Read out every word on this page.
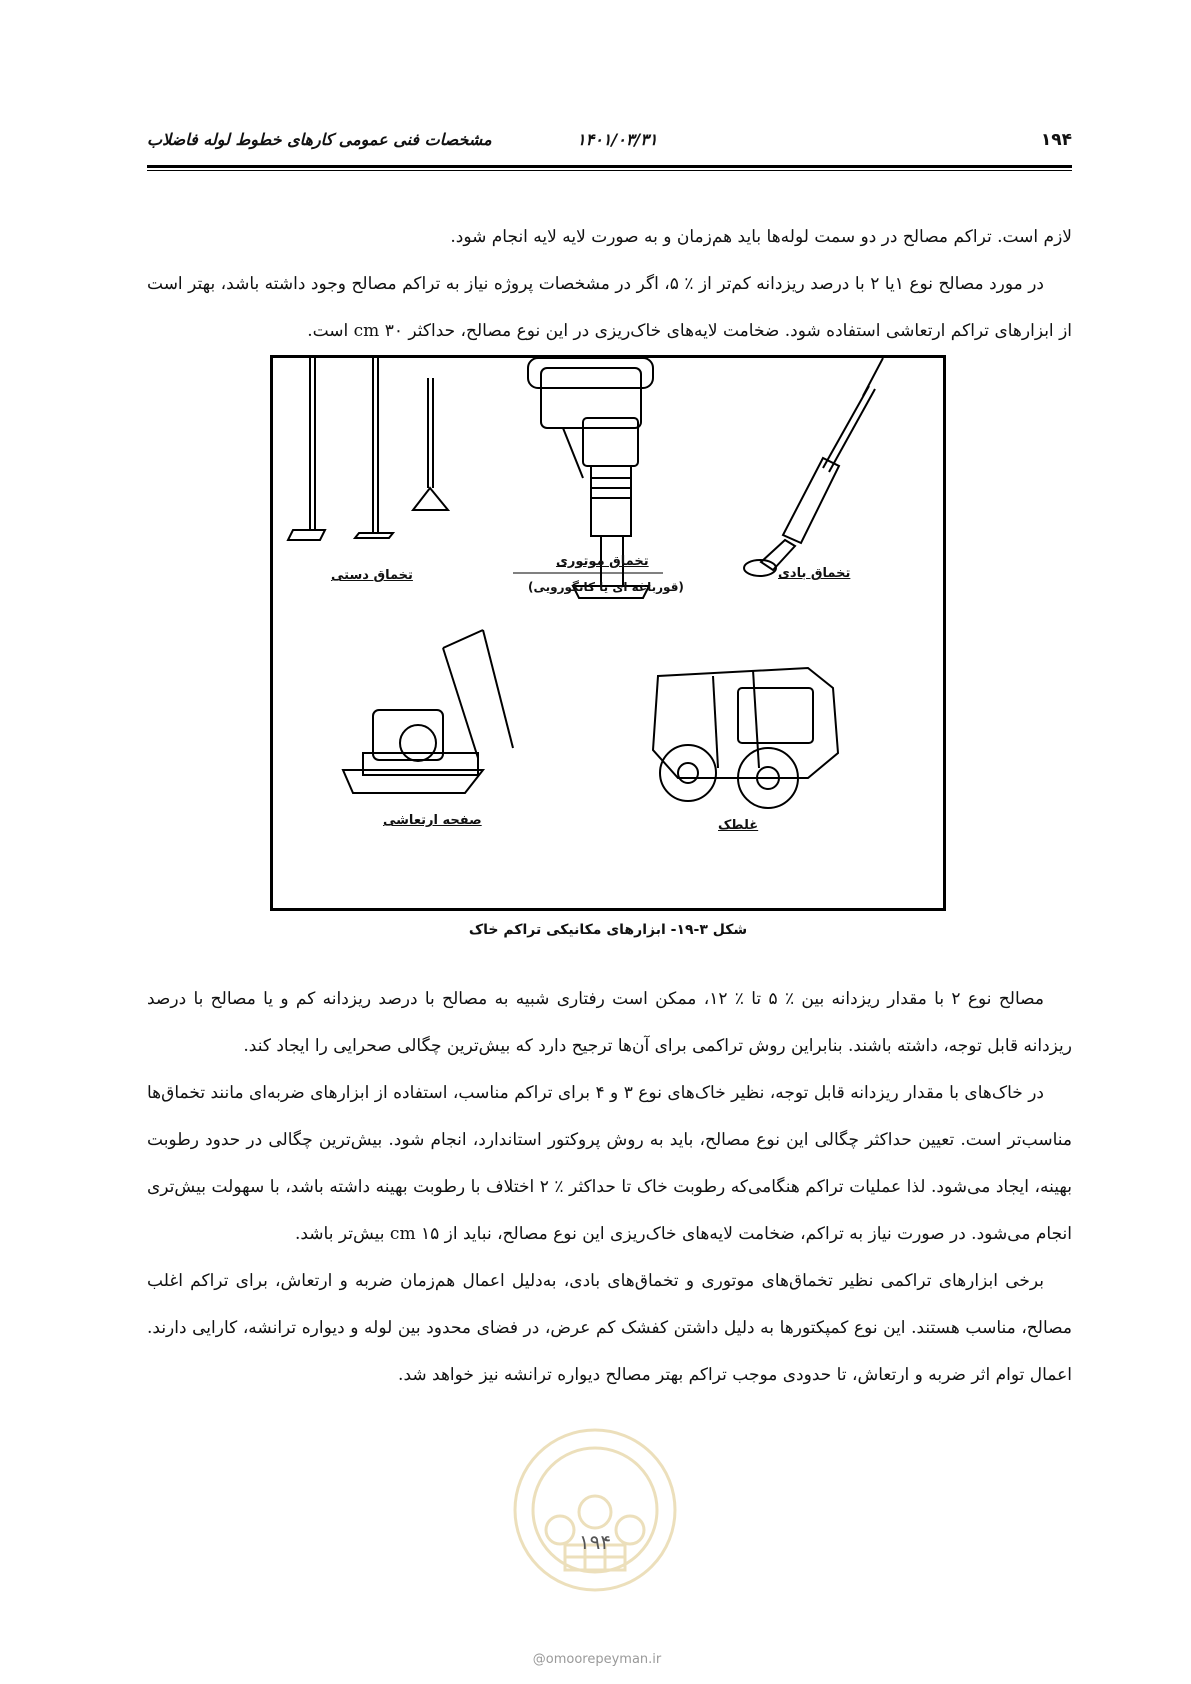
۱۹۴
۱۴۰۱/۰۳/۳۱
مشخصات فنی عمومی کارهای خطوط لوله فاضلاب

لازم است. تراکم مصالح در دو سمت لوله‌ها باید هم‌زمان و به صورت لایه لایه انجام شود.

در مورد مصالح نوع ۱یا ۲ با درصد ریزدانه کم‌تر از ٪ ۵، اگر در مشخصات پروژه نیاز به تراکم مصالح وجود داشته باشد، بهتر است از ابزارهای تراکم ارتعاشی استفاده شود. ضخامت لایه‌های خاک‌ریزی در این نوع مصالح، حداکثر cm ۳۰ است.

تخماق دستی
تخماق موتوری
(قورباغه ای یا کانگورویی)
تخماق بادی
صفحه ارتعاشی	غلطک
شکل ۳-۱۹- ابزارهای مکانیکی تراکم خاک

مصالح نوع ۲ با مقدار ریزدانه بین ٪ ۵ تا ٪ ۱۲، ممکن است رفتاری شبیه به مصالح با درصد ریزدانه کم و یا مصالح با درصد ریزدانه قابل توجه، داشته باشند. بنابراین روش تراکمی برای آن‌ها ترجیح دارد که بیش‌ترین چگالی صحرایی را ایجاد کند.

در خاک‌های با مقدار ریزدانه قابل توجه، نظیر خاک‌های نوع ۳ و ۴ برای تراکم مناسب، استفاده از ابزارهای ضربه‌ای مانند تخماق‌ها مناسب‌تر است. تعیین حداکثر چگالی این نوع مصالح، باید به روش پروکتور استاندارد، انجام شود. بیش‌ترین چگالی در حدود رطوبت بهینه، ایجاد می‌شود. لذا عملیات تراکم هنگامی‌که رطوبت خاک تا حداکثر ٪ ۲ اختلاف با رطوبت بهینه داشته باشد، با سهولت بیش‌تری انجام می‌شود. در صورت نیاز به تراکم، ضخامت لایه‌های خاک‌ریزی این نوع مصالح، نباید از cm ۱۵ بیش‌تر باشد.

برخی ابزارهای تراکمی نظیر تخماق‌های موتوری و تخماق‌های بادی، به‌دلیل اعمال هم‌زمان ضربه و ارتعاش، برای تراکم اغلب مصالح، مناسب هستند. این نوع کمپکتورها به دلیل داشتن کفشک کم عرض، در فضای محدود بین لوله و دیواره ترانشه، کارایی دارند. اعمال توام اثر ضربه و ارتعاش، تا حدودی موجب تراکم بهتر مصالح دیواره ترانشه نیز خواهد شد.

۱۹۴
@omoorepeyman.ir
